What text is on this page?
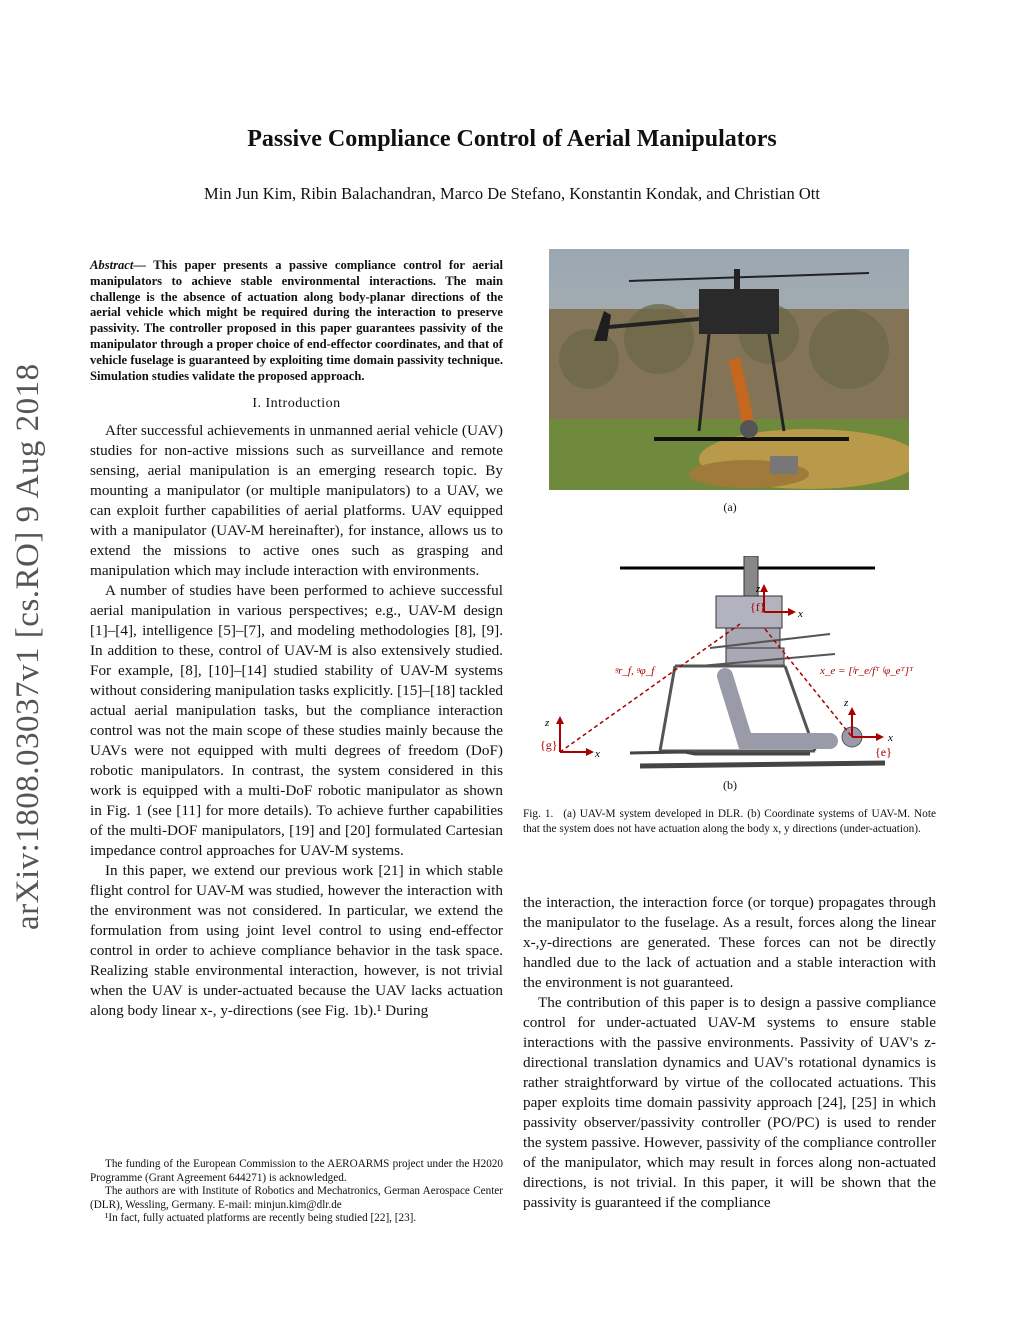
Passive Compliance Control of Aerial Manipulators
Min Jun Kim, Ribin Balachandran, Marco De Stefano, Konstantin Kondak, and Christian Ott
arXiv:1808.03037v1 [cs.RO] 9 Aug 2018
Abstract— This paper presents a passive compliance control for aerial manipulators to achieve stable environmental interactions. The main challenge is the absence of actuation along body-planar directions of the aerial vehicle which might be required during the interaction to preserve passivity. The controller proposed in this paper guarantees passivity of the manipulator through a proper choice of end-effector coordinates, and that of vehicle fuselage is guaranteed by exploiting time domain passivity technique. Simulation studies validate the proposed approach.
I. Introduction

After successful achievements in unmanned aerial vehicle (UAV) studies for non-active missions such as surveillance and remote sensing, aerial manipulation is an emerging research topic. By mounting a manipulator (or multiple manipulators) to a UAV, we can exploit further capabilities of aerial platforms. UAV equipped with a manipulator (UAV-M hereinafter), for instance, allows us to extend the missions to active ones such as grasping and manipulation which may include interaction with environments.

A number of studies have been performed to achieve successful aerial manipulation in various perspectives; e.g., UAV-M design [1]–[4], intelligence [5]–[7], and modeling methodologies [8], [9]. In addition to these, control of UAV-M is also extensively studied. For example, [8], [10]–[14] studied stability of UAV-M systems without considering manipulation tasks explicitly. [15]–[18] tackled actual aerial manipulation tasks, but the compliance interaction control was not the main scope of these studies mainly because the UAVs were not equipped with multi degrees of freedom (DoF) robotic manipulators. In contrast, the system considered in this work is equipped with a multi-DoF robotic manipulator as shown in Fig. 1 (see [11] for more details). To achieve further capabilities of the multi-DOF manipulators, [19] and [20] formulated Cartesian impedance control approaches for UAV-M systems.

In this paper, we extend our previous work [21] in which stable flight control for UAV-M was studied, however the interaction with the environment was not considered. In particular, we extend the formulation from using joint level control to using end-effector control in order to achieve compliance behavior in the task space. Realizing stable environmental interaction, however, is not trivial when the UAV is under-actuated because the UAV lacks actuation along body linear x-, y-directions (see Fig. 1b).¹ During

The funding of the European Commission to the AEROARMS project under the H2020 Programme (Grant Agreement 644271) is acknowledged.
The authors are with Institute of Robotics and Mechatronics, German Aerospace Center (DLR), Wessling, Germany. E-mail: minjun.kim@dlr.de
¹In fact, fully actuated platforms are recently being studied [22], [23].
(a)
z
x
{g}
z
x
{f}
z
x
{e}
ᵍr_f, ᵍφ_f	x_e = [ᶠr_e/fᵀ ᶠφ_eᵀ]ᵀ
(b)
Fig. 1. (a) UAV-M system developed in DLR. (b) Coordinate systems of UAV-M. Note that the system does not have actuation along the body x, y directions (under-actuation).

the interaction, the interaction force (or torque) propagates through the manipulator to the fuselage. As a result, forces along the linear x-,y-directions are generated. These forces can not be directly handled due to the lack of actuation and a stable interaction with the environment is not guaranteed.

The contribution of this paper is to design a passive compliance control for under-actuated UAV-M systems to ensure stable interactions with the passive environments. Passivity of UAV's z-directional translation dynamics and UAV's rotational dynamics is rather straightforward by virtue of the collocated actuations. This paper exploits time domain passivity approach [24], [25] in which passivity observer/passivity controller (PO/PC) is used to render the system passive. However, passivity of the compliance controller of the manipulator, which may result in forces along non-actuated directions, is not trivial. In this paper, it will be shown that the passivity is guaranteed if the compliance
